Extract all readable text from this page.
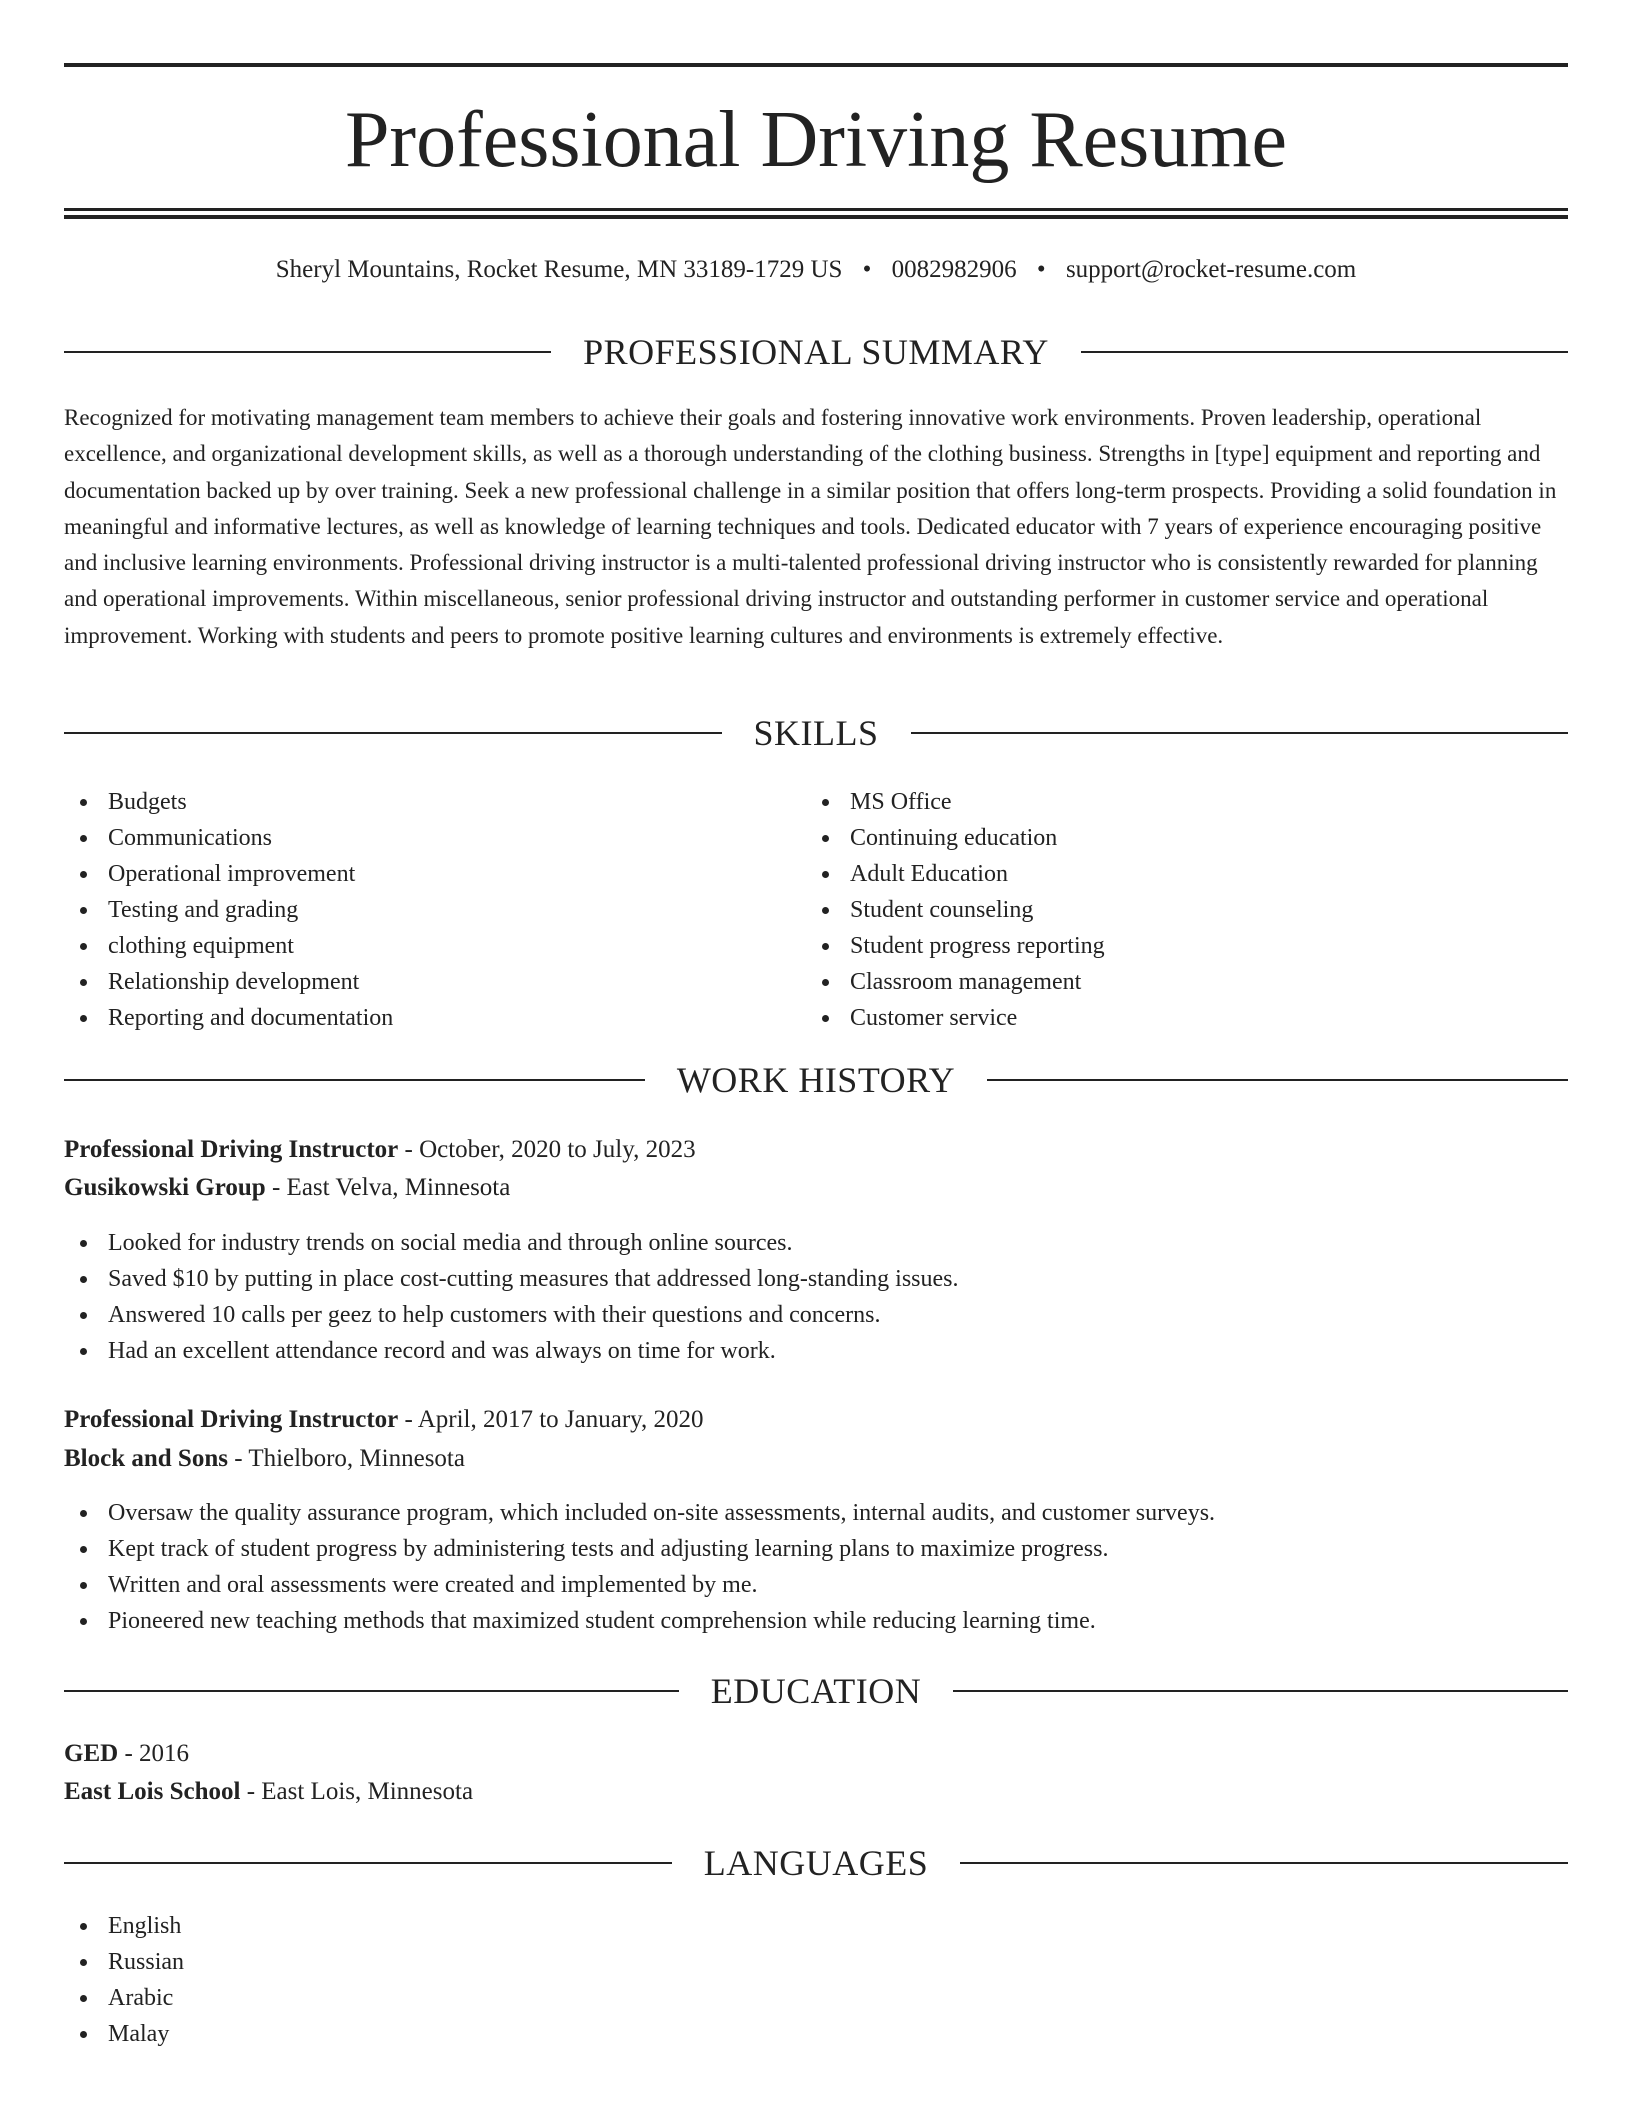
Professional Driving Resume
Sheryl Mountains, Rocket Resume, MN 33189-1729 US • 0082982906 • support@rocket-resume.com
PROFESSIONAL SUMMARY

Recognized for motivating management team members to achieve their goals and fostering innovative work environments. Proven leadership, operational excellence, and organizational development skills, as well as a thorough understanding of the clothing business. Strengths in [type] equipment and reporting and documentation backed up by over training. Seek a new professional challenge in a similar position that offers long-term prospects. Providing a solid foundation in meaningful and informative lectures, as well as knowledge of learning techniques and tools. Dedicated educator with 7 years of experience encouraging positive and inclusive learning environments. Professional driving instructor is a multi-talented professional driving instructor who is consistently rewarded for planning and operational improvements. Within miscellaneous, senior professional driving instructor and outstanding performer in customer service and operational improvement. Working with students and peers to promote positive learning cultures and environments is extremely effective.

SKILLS
Budgets
Communications
Operational improvement
Testing and grading
clothing equipment
Relationship development
Reporting and documentation
MS Office
Continuing education
Adult Education
Student counseling
Student progress reporting
Classroom management
Customer service
WORK HISTORY
Professional Driving Instructor - October, 2020 to July, 2023
Gusikowski Group - East Velva, Minnesota
Looked for industry trends on social media and through online sources.
Saved $10 by putting in place cost-cutting measures that addressed long-standing issues.
Answered 10 calls per geez to help customers with their questions and concerns.
Had an excellent attendance record and was always on time for work.
Professional Driving Instructor - April, 2017 to January, 2020
Block and Sons - Thielboro, Minnesota
Oversaw the quality assurance program, which included on-site assessments, internal audits, and customer surveys.
Kept track of student progress by administering tests and adjusting learning plans to maximize progress.
Written and oral assessments were created and implemented by me.
Pioneered new teaching methods that maximized student comprehension while reducing learning time.
EDUCATION
GED - 2016
East Lois School - East Lois, Minnesota
LANGUAGES
English
Russian
Arabic
Malay
